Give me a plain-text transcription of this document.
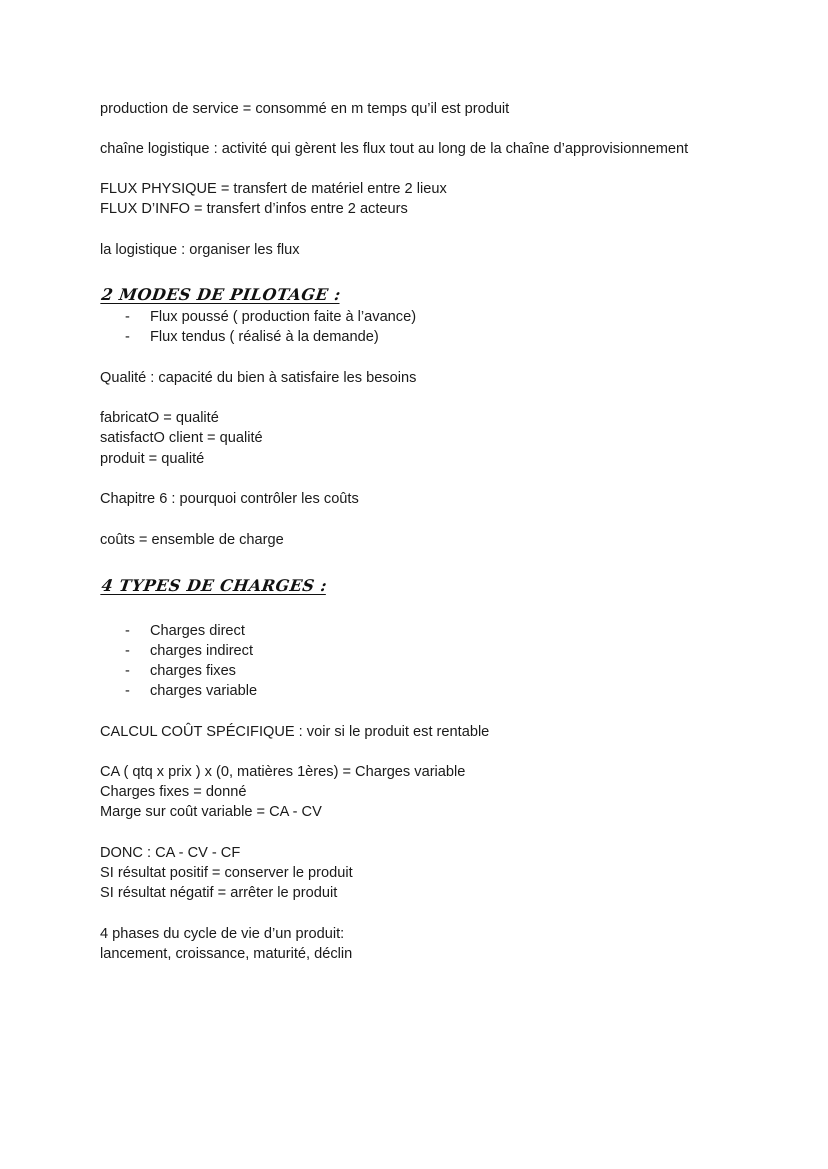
production de service = consommé en m temps qu’il est produit
chaîne logistique : activité qui gèrent les flux tout au long de la chaîne d’approvisionnement
FLUX PHYSIQUE = transfert de matériel entre 2 lieux
FLUX D’INFO = transfert d’infos entre 2 acteurs
la logistique : organiser les flux
2 MODES DE PILOTAGE :
-	Flux poussé ( production faite à l’avance)
-	Flux tendus ( réalisé à la demande)
Qualité : capacité du bien à satisfaire les besoins
fabricatO = qualité
satisfactO client = qualité
produit = qualité
Chapitre 6 : pourquoi contrôler les coûts
coûts = ensemble de charge
4 TYPES DE CHARGES :
-	Charges direct
-	charges indirect
-	charges fixes
-	charges variable
CALCUL COÛT SPÉCIFIQUE : voir si le produit est rentable
CA ( qtq x prix ) x (0, matières 1ères) = Charges variable
Charges fixes = donné
Marge sur coût variable = CA - CV
DONC : CA - CV - CF
SI résultat positif = conserver le produit
SI résultat négatif = arrêter le produit
4 phases du cycle de vie d’un produit:
lancement, croissance, maturité, déclin
